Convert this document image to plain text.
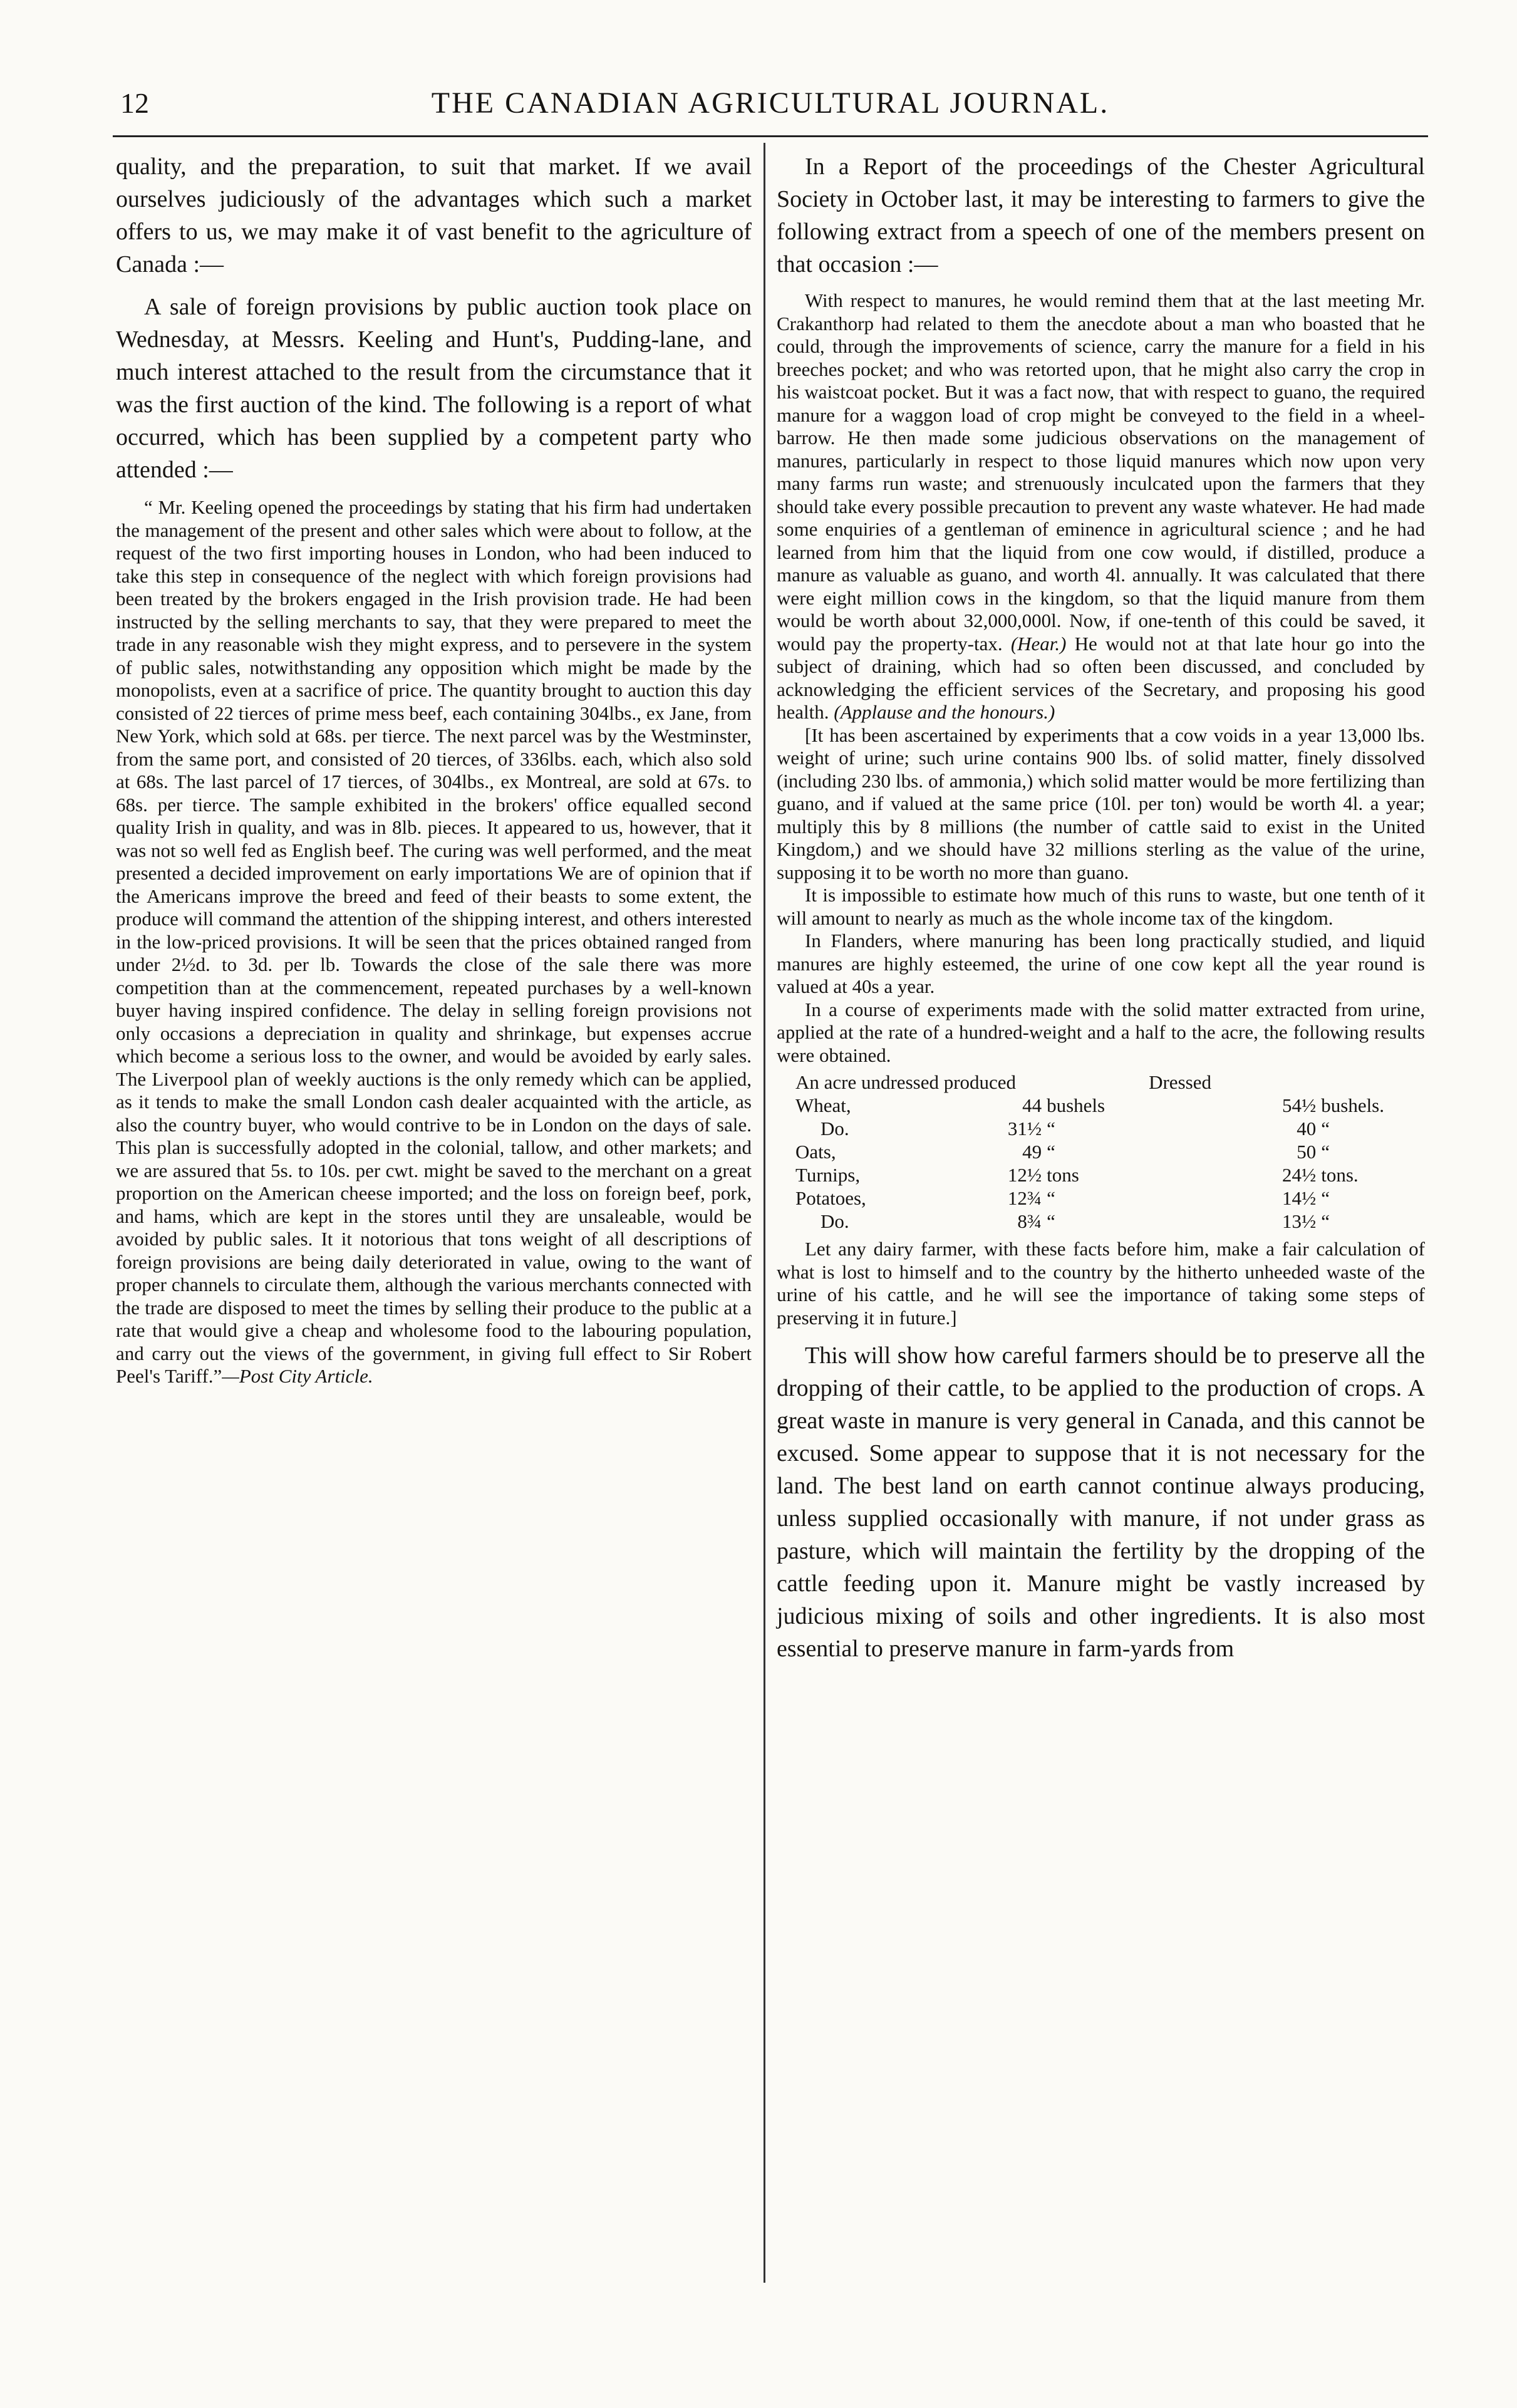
12	THE CANADIAN AGRICULTURAL JOURNAL.

quality, and the preparation, to suit that market. If we avail ourselves judiciously of the advantages which such a market offers to us, we may make it of vast benefit to the agriculture of Canada :—

A sale of foreign provisions by public auction took place on Wednesday, at Messrs. Keeling and Hunt's, Pudding-lane, and much interest attached to the result from the circumstance that it was the first auction of the kind. The following is a report of what occurred, which has been supplied by a competent party who attended :—

“ Mr. Keeling opened the proceedings by stating that his firm had undertaken the management of the present and other sales which were about to follow, at the request of the two first importing houses in London, who had been induced to take this step in consequence of the neglect with which foreign provisions had been treated by the brokers engaged in the Irish provision trade. He had been instructed by the selling merchants to say, that they were prepared to meet the trade in any reasonable wish they might express, and to persevere in the system of public sales, notwithstanding any opposition which might be made by the monopolists, even at a sacrifice of price. The quantity brought to auction this day consisted of 22 tierces of prime mess beef, each containing 304lbs., ex Jane, from New York, which sold at 68s. per tierce. The next parcel was by the Westminster, from the same port, and consisted of 20 tierces, of 336lbs. each, which also sold at 68s. The last parcel of 17 tierces, of 304lbs., ex Montreal, are sold at 67s. to 68s. per tierce. The sample exhibited in the brokers' office equalled second quality Irish in quality, and was in 8lb. pieces. It appeared to us, however, that it was not so well fed as English beef. The curing was well performed, and the meat presented a decided improvement on early importations We are of opinion that if the Americans improve the breed and feed of their beasts to some extent, the produce will command the attention of the shipping interest, and others interested in the low-priced provisions. It will be seen that the prices obtained ranged from under 2½d. to 3d. per lb. Towards the close of the sale there was more competition than at the commencement, repeated purchases by a well-known buyer having inspired confidence. The delay in selling foreign provisions not only occasions a depreciation in quality and shrinkage, but expenses accrue which become a serious loss to the owner, and would be avoided by early sales. The Liverpool plan of weekly auctions is the only remedy which can be applied, as it tends to make the small London cash dealer acquainted with the article, as also the country buyer, who would contrive to be in London on the days of sale. This plan is successfully adopted in the colonial, tallow, and other markets; and we are assured that 5s. to 10s. per cwt. might be saved to the merchant on a great proportion on the American cheese imported; and the loss on foreign beef, pork, and hams, which are kept in the stores until they are unsaleable, would be avoided by public sales. It it notorious that tons weight of all descriptions of foreign provisions are being daily deteriorated in value, owing to the want of proper channels to circulate them, although the various merchants connected with the trade are disposed to meet the times by selling their produce to the public at a rate that would give a cheap and wholesome food to the labouring population, and carry out the views of the government, in giving full effect to Sir Robert Peel's Tariff.”—Post City Article.

In a Report of the proceedings of the Chester Agricultural Society in October last, it may be interesting to farmers to give the following extract from a speech of one of the members present on that occasion :—

With respect to manures, he would remind them that at the last meeting Mr. Crakanthorp had related to them the anecdote about a man who boasted that he could, through the improvements of science, carry the manure for a field in his breeches pocket; and who was retorted upon, that he might also carry the crop in his waistcoat pocket. But it was a fact now, that with respect to guano, the required manure for a waggon load of crop might be conveyed to the field in a wheel-barrow. He then made some judicious observations on the management of manures, particularly in respect to those liquid manures which now upon very many farms run waste; and strenuously inculcated upon the farmers that they should take every possible precaution to prevent any waste whatever. He had made some enquiries of a gentleman of eminence in agricultural science ; and he had learned from him that the liquid from one cow would, if distilled, produce a manure as valuable as guano, and worth 4l. annually. It was calculated that there were eight million cows in the kingdom, so that the liquid manure from them would be worth about 32,000,000l. Now, if one-tenth of this could be saved, it would pay the property-tax. (Hear.) He would not at that late hour go into the subject of draining, which had so often been discussed, and concluded by acknowledging the efficient services of the Secretary, and proposing his good health. (Applause and the honours.)

[It has been ascertained by experiments that a cow voids in a year 13,000 lbs. weight of urine; such urine contains 900 lbs. of solid matter, finely dissolved (including 230 lbs. of ammonia,) which solid matter would be more fertilizing than guano, and if valued at the same price (10l. per ton) would be worth 4l. a year; multiply this by 8 millions (the number of cattle said to exist in the United Kingdom,) and we should have 32 millions sterling as the value of the urine, supposing it to be worth no more than guano.

It is impossible to estimate how much of this runs to waste, but one tenth of it will amount to nearly as much as the whole income tax of the kingdom.

In Flanders, where manuring has been long practically studied, and liquid manures are highly esteemed, the urine of one cow kept all the year round is valued at 40s a year.

In a course of experiments made with the solid matter extracted from urine, applied at the rate of a hundred-weight and a half to the acre, the following results were obtained.

An acre undressed produced			Dressed	
Wheat,	44	bushels	54½	bushels.
Do.	31½	“	40	“
Oats,	49	“	50	“
Turnips,	12½	tons	24½	tons.
Potatoes,	12¾	“	14½	“
Do.	8¾	“	13½	“

Let any dairy farmer, with these facts before him, make a fair calculation of what is lost to himself and to the country by the hitherto unheeded waste of the urine of his cattle, and he will see the importance of taking some steps of preserving it in future.]

This will show how careful farmers should be to preserve all the dropping of their cattle, to be applied to the production of crops. A great waste in manure is very general in Canada, and this cannot be excused. Some appear to suppose that it is not necessary for the land. The best land on earth cannot continue always producing, unless supplied occasionally with manure, if not under grass as pasture, which will maintain the fertility by the dropping of the cattle feeding upon it. Manure might be vastly increased by judicious mixing of soils and other ingredients. It is also most essential to preserve manure in farm-yards from
